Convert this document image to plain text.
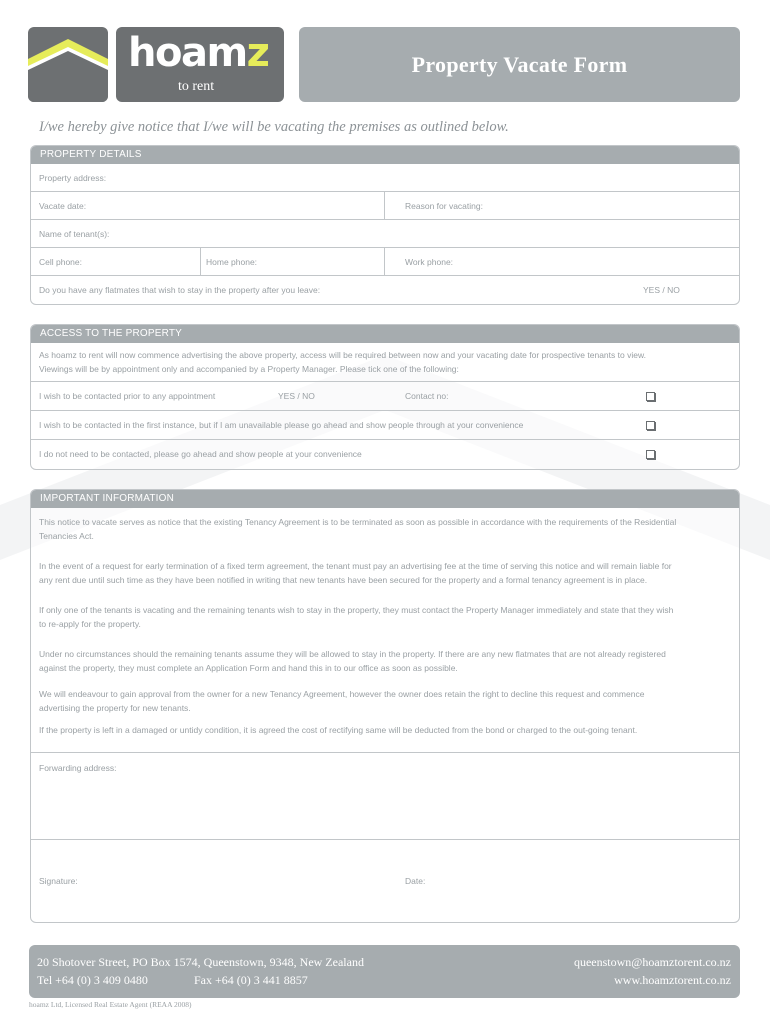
hoamz
to rent
Property Vacate Form
I/we hereby give notice that I/we will be vacating the premises as outlined below.
PROPERTY DETAILS
Property address:
Vacate date:	Reason for vacating:
Name of tenant(s):
Cell phone:	Home phone:	Work phone:
Do you have any flatmates that wish to stay in the property after you leave:	YES / NO
ACCESS TO THE PROPERTY

As hoamz to rent will now commence advertising the above property, access will be required between now and your vacating date for prospective tenants to view.

Viewings will be by appointment only and accompanied by a Property Manager. Please tick one of the following:

I wish to be contacted prior to any appointment	YES / NO	Contact no:
I wish to be contacted in the first instance, but if I am unavailable please go ahead and show people through at your convenience
I do not need to be contacted, please go ahead and show people at your convenience
IMPORTANT INFORMATION

This notice to vacate serves as notice that the existing Tenancy Agreement is to be terminated as soon as possible in accordance with the requirements of the Residential

Tenancies Act.

In the event of a request for early termination of a fixed term agreement, the tenant must pay an advertising fee at the time of serving this notice and will remain liable for

any rent due until such time as they have been notified in writing that new tenants have been secured for the property and a formal tenancy agreement is in place.

If only one of the tenants is vacating and the remaining tenants wish to stay in the property, they must contact the Property Manager immediately and state that they wish

to re-apply for the property.

Under no circumstances should the remaining tenants assume they will be allowed to stay in the property. If there are any new flatmates that are not already registered

against the property, they must complete an Application Form and hand this in to our office as soon as possible.

We will endeavour to gain approval from the owner for a new Tenancy Agreement, however the owner does retain the right to decline this request and commence

advertising the property for new tenants.

If the property is left in a damaged or untidy condition, it is agreed the cost of rectifying same will be deducted from the bond or charged to the out-going tenant.

Forwarding address:
Signature:	Date:
20 Shotover Street, PO Box 1574, Queenstown, 9348, New Zealand
Tel +64 (0) 3 409 0480	Fax +64 (0) 3 441 8857
queenstown@hoamztorent.co.nz
www.hoamztorent.co.nz
hoamz Ltd, Licensed Real Estate Agent (REAA 2008)
